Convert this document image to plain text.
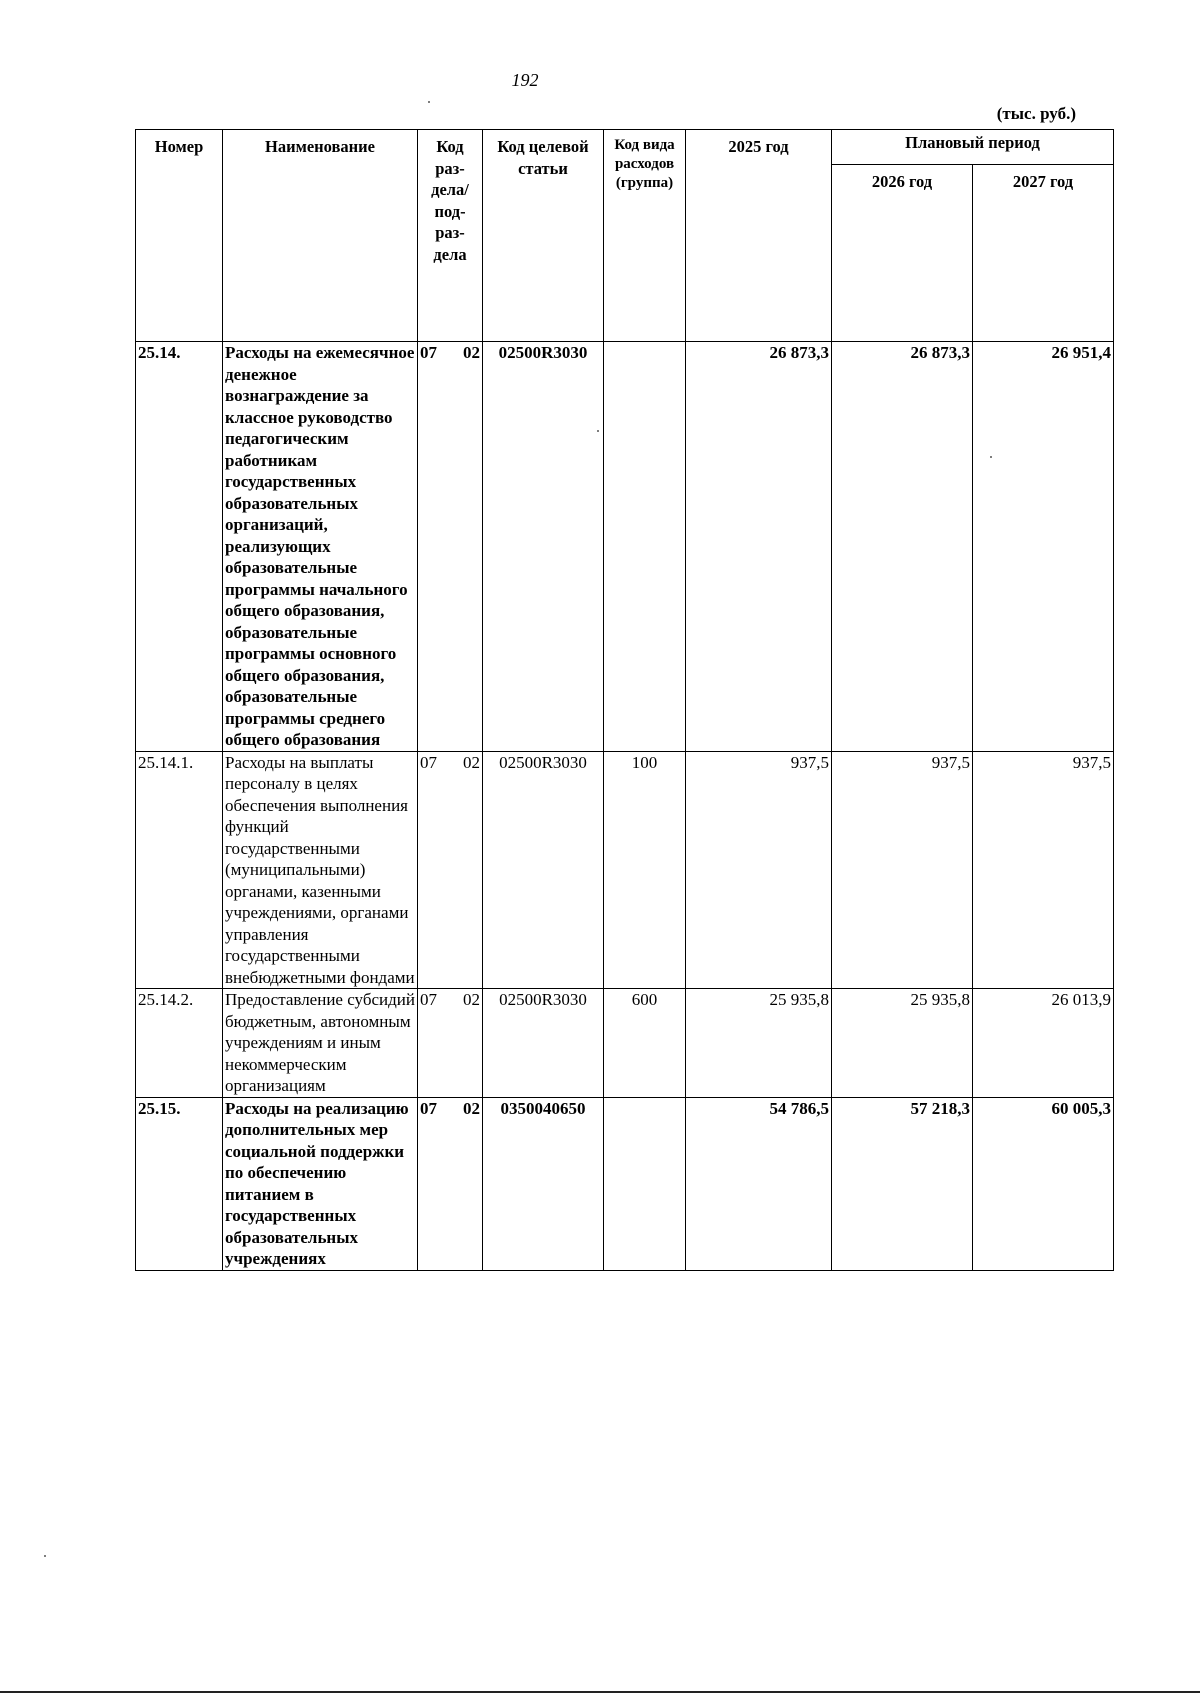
192
(тыс. руб.)
Номер	Наименование	Код раз-дела/ под-раз-дела	Код целевой статьи	Код вида расходов (группа)	2025 год	Плановый период	
						2026 год	2027 год
25.14.	Расходы на ежемесячное денежное вознаграждение за классное руководство педагогическим работникам государственных образовательных организаций, реализующих образовательные программы начального общего образования, образовательные программы основного общего образования, образовательные программы среднего общего образования	07 02	02500R3030		26 873,3	26 873,3	26 951,4
25.14.1.	Расходы на выплаты персоналу в целях обеспечения выполнения функций государственными (муниципальными) органами, казенными учреждениями, органами управления государственными внебюджетными фондами	07 02	02500R3030	100	937,5	937,5	937,5
25.14.2.	Предоставление субсидий бюджетным, автономным учреждениям и иным некоммерческим организациям	07 02	02500R3030	600	25 935,8	25 935,8	26 013,9
25.15.	Расходы на реализацию дополнительных мер социальной поддержки по обеспечению питанием в государственных образовательных учреждениях	07 02	0350040650		54 786,5	57 218,3	60 005,3
